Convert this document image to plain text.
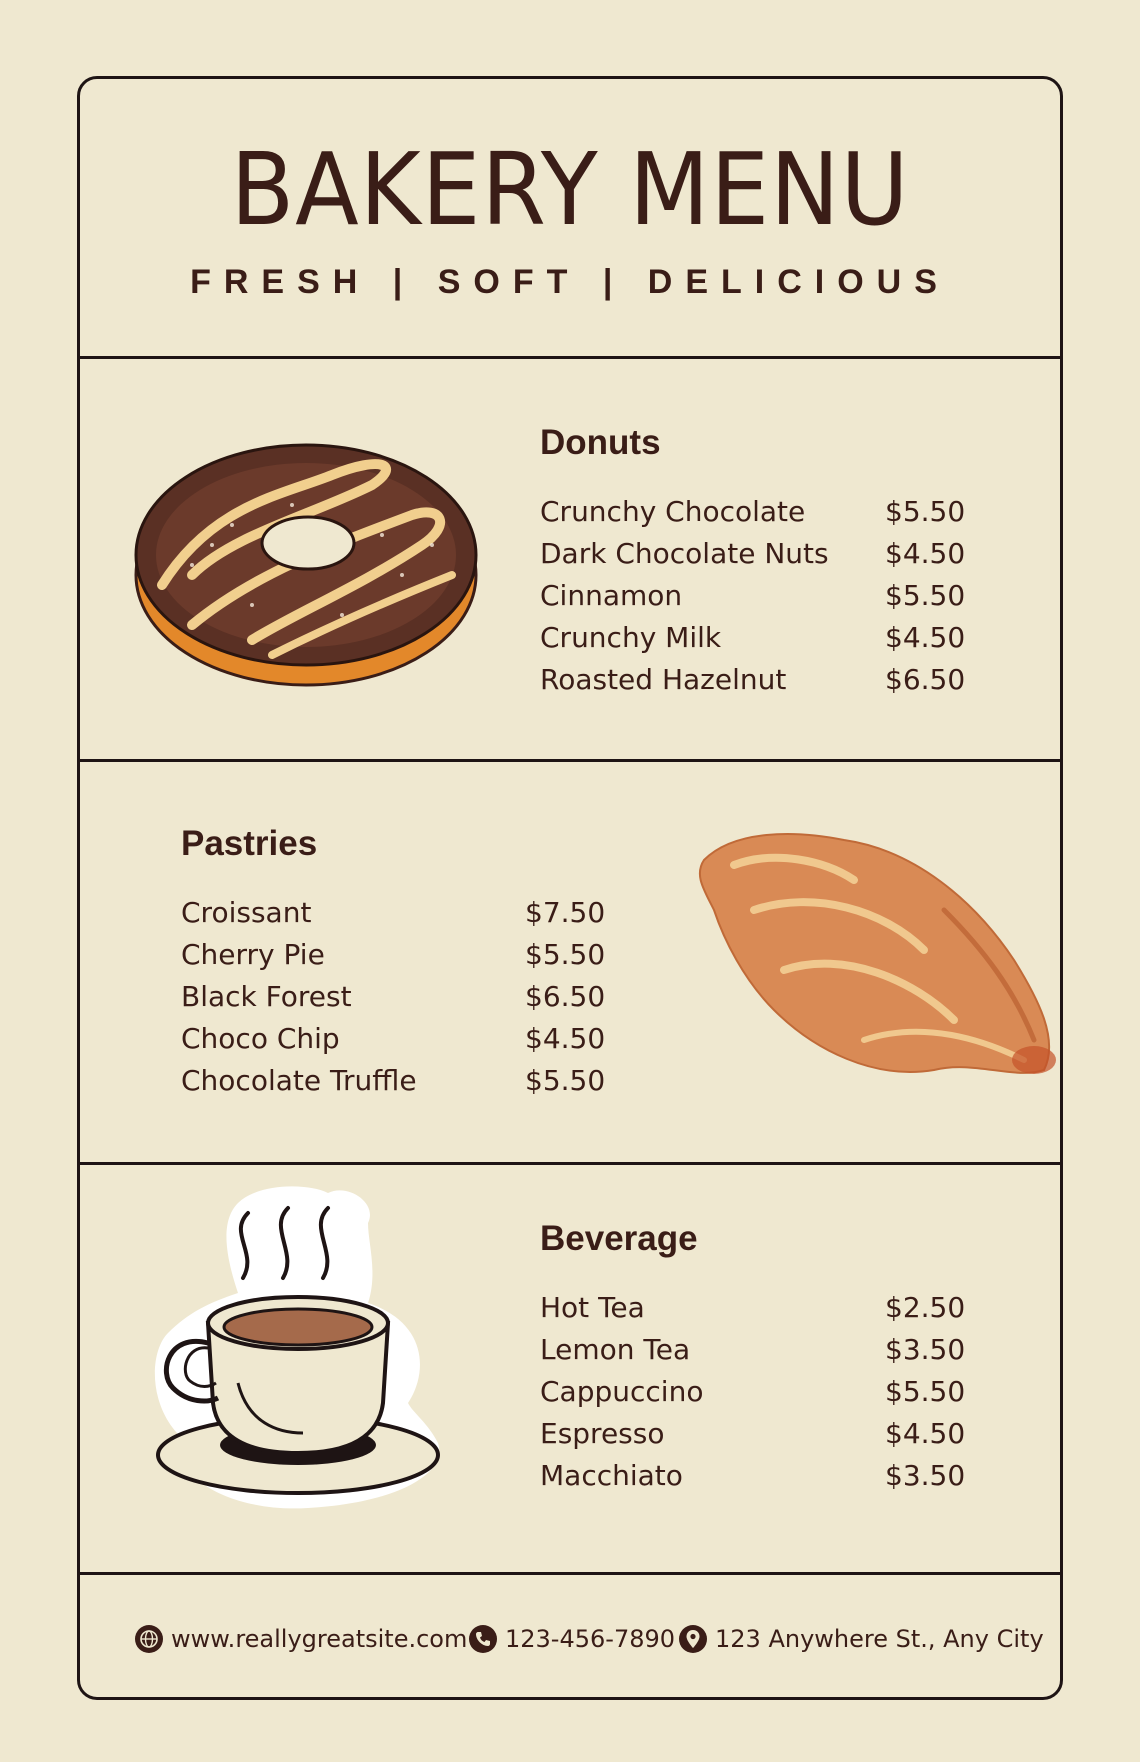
BAKERY MENU
FRESH | SOFT | DELICIOUS
Donuts
Crunchy Chocolate	$5.50
Dark Chocolate Nuts $4.50
Cinnamon	$5.50
Crunchy Milk	$4.50
Roasted Hazelnut	$6.50
Pastries
Croissant	$7.50
Cherry Pie	$5.50
Black Forest	$6.50
Choco Chip	$4.50
Chocolate Truffle	$5.50
Beverage
Hot Tea	$2.50
Lemon Tea	$3.50
Cappuccino	$5.50
Espresso	$4.50
Macchiato	$3.50
www.reallygreatsite.com 123-456-7890 123 Anywhere St., Any City
